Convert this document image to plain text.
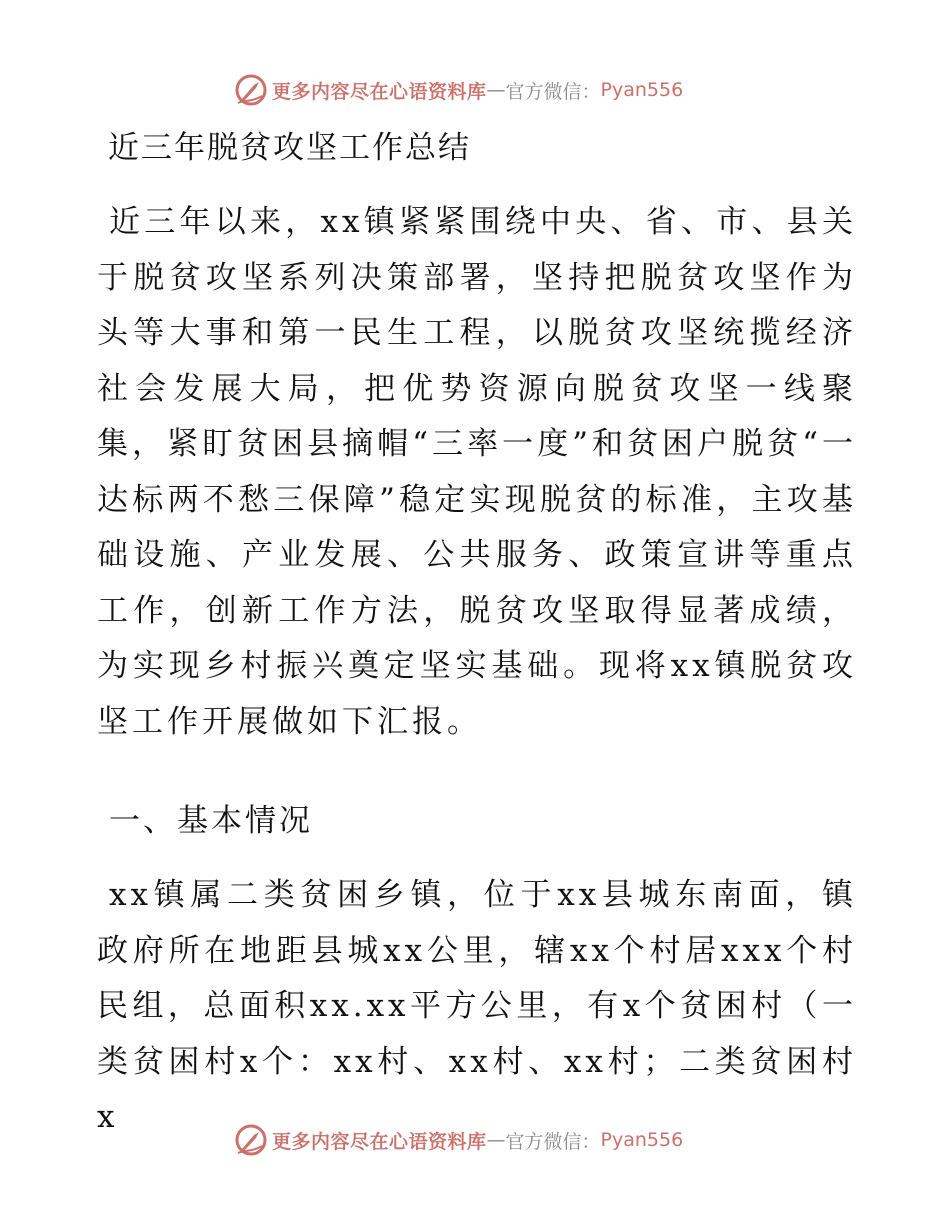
更多内容尽在心语资料库 — 官方微信： Pyan556
近三年脱贫攻坚工作总结

近三年以来，xx镇紧紧围绕中央、省、市、县关于脱贫攻坚系列决策部署，坚持把脱贫攻坚作为头等大事和第一民生工程，以脱贫攻坚统揽经济社会发展大局，把优势资源向脱贫攻坚一线聚集，紧盯贫困县摘帽“三率一度”和贫困户脱贫“一达标两不愁三保障”稳定实现脱贫的标准，主攻基础设施、产业发展、公共服务、政策宣讲等重点工作，创新工作方法，脱贫攻坚取得显著成绩，为实现乡村振兴奠定坚实基础。现将xx镇脱贫攻坚工作开展做如下汇报。

一、基本情况

xx镇属二类贫困乡镇，位于xx县城东南面，镇政府所在地距县城xx公里，辖xx个村居xxx个村民组，总面积xx.xx平方公里，有x个贫困村（一类贫困村x个：xx村、xx村、xx村；二类贫困村x

更多内容尽在心语资料库 — 官方微信： Pyan556
